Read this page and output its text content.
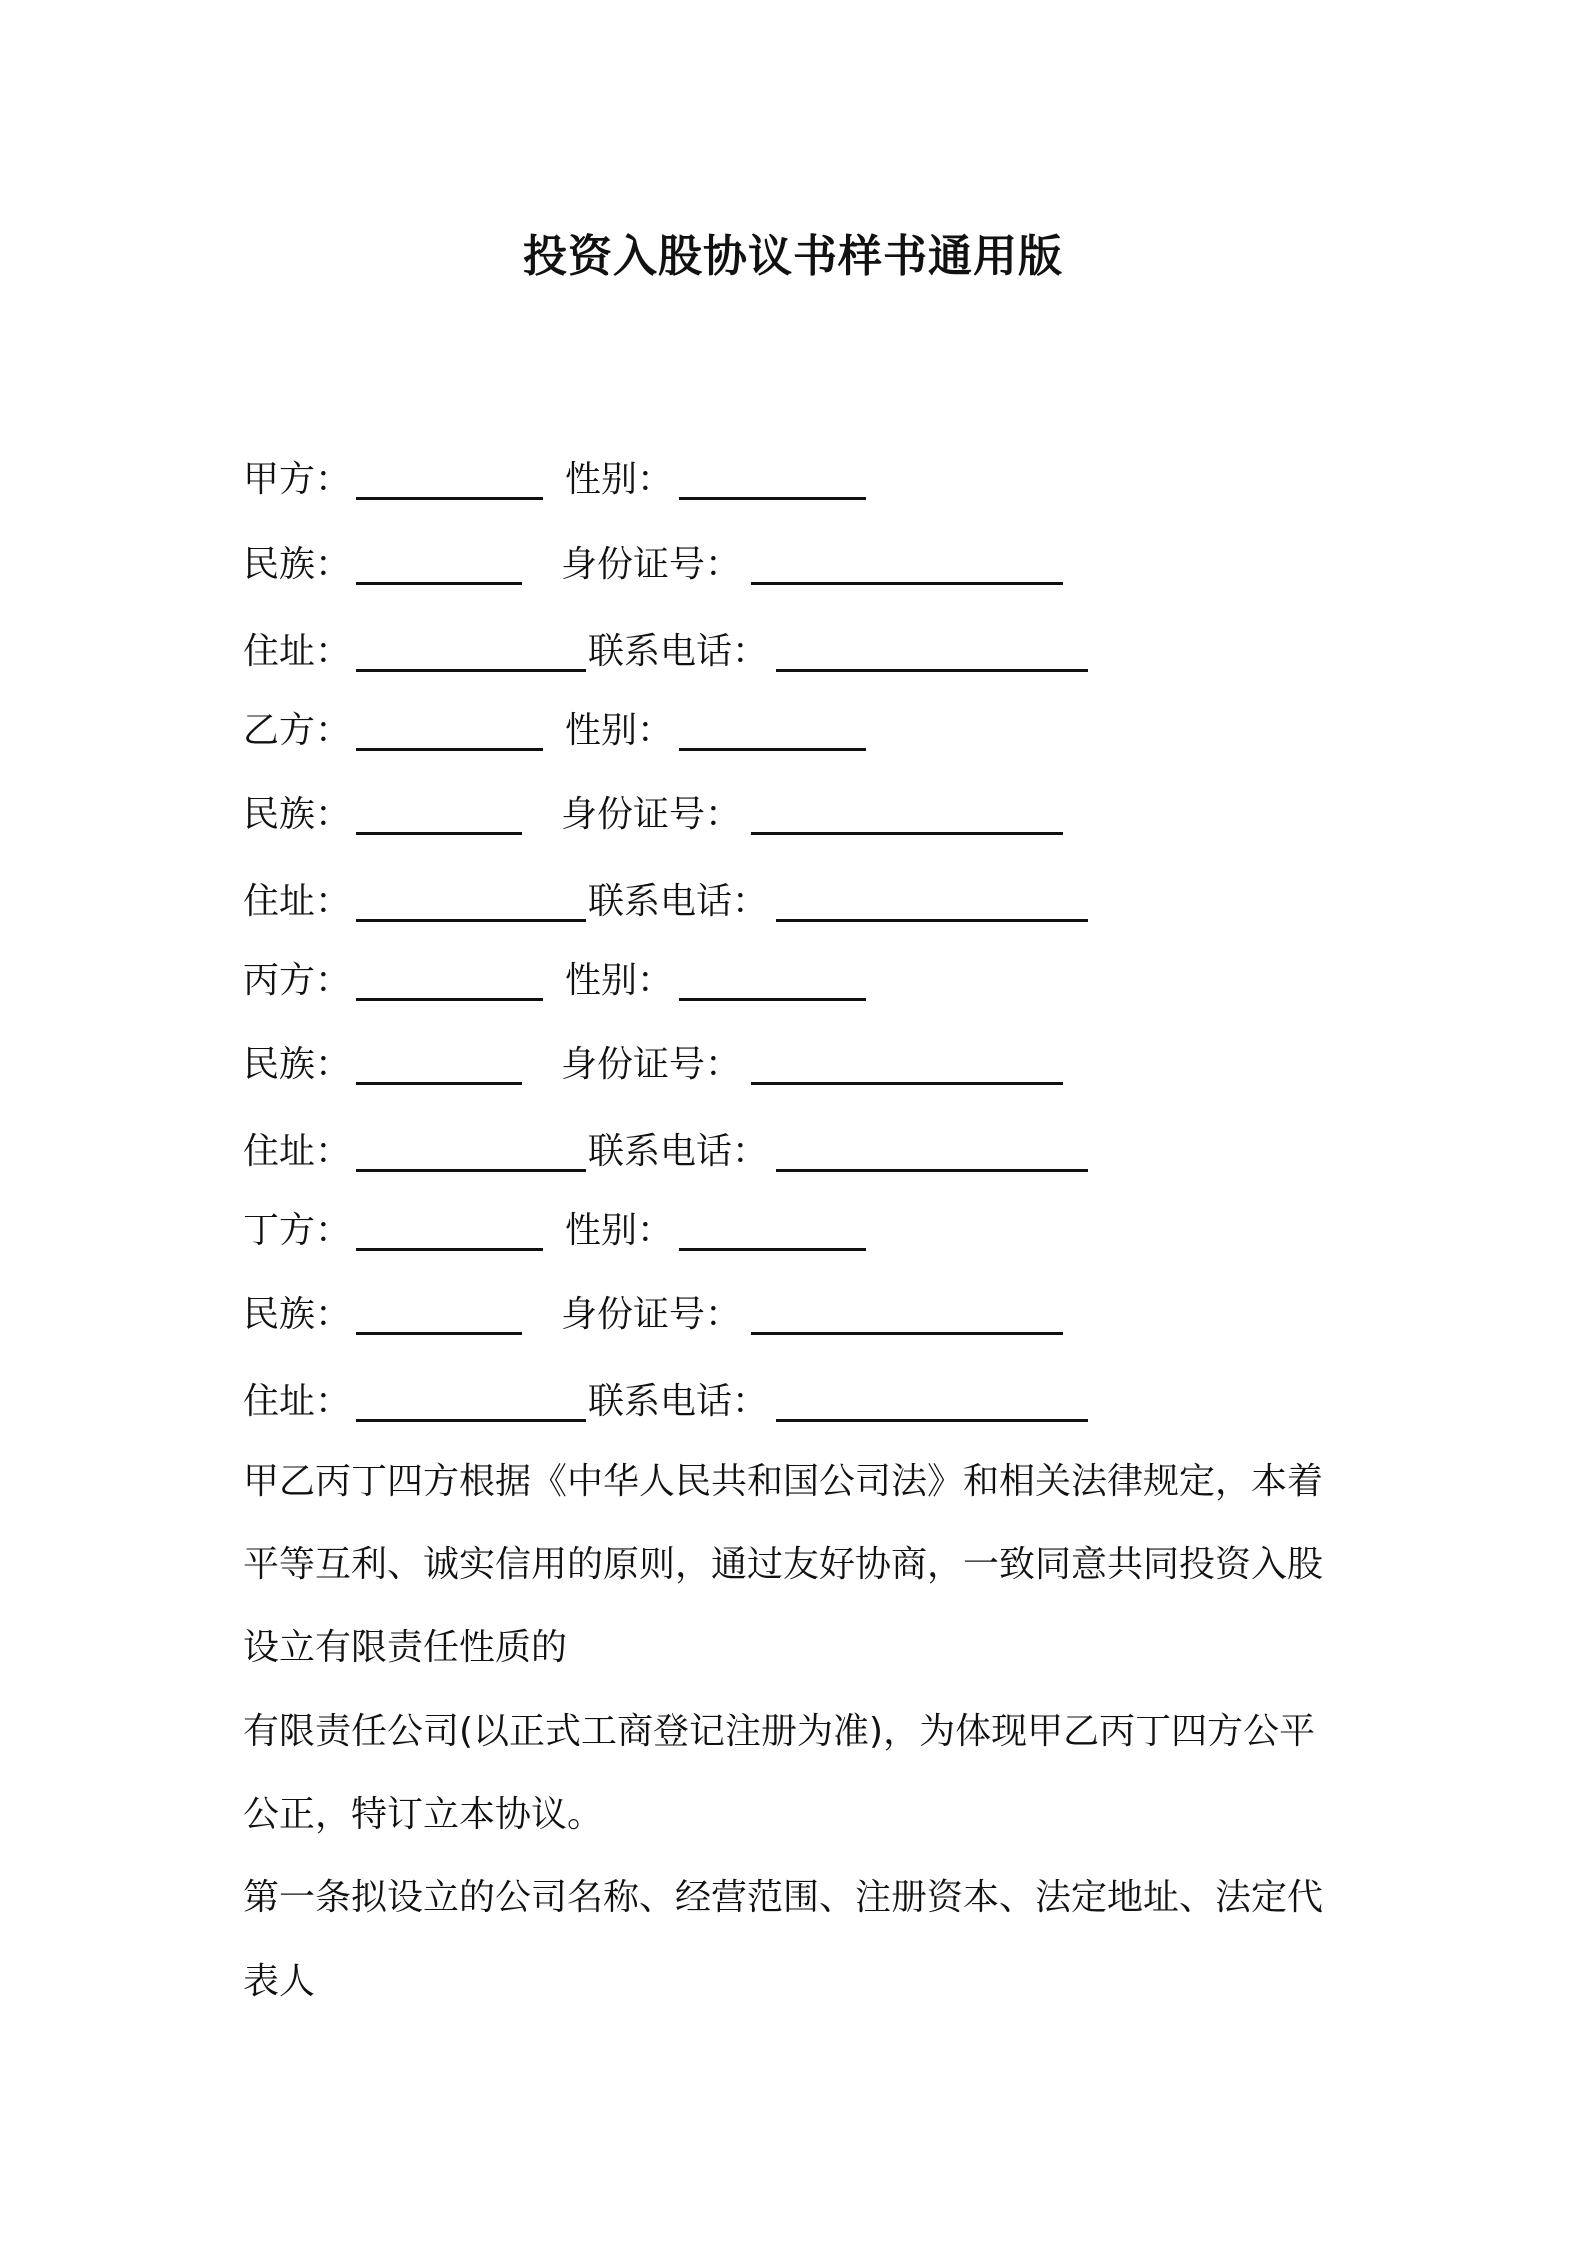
投资入股协议书样书通用版
甲方：	性别：
民族：	身份证号：
住址：	联系电话：
乙方：	性别：
民族：	身份证号：
住址：	联系电话：
丙方：	性别：
民族：	身份证号：
住址：	联系电话：
丁方：	性别：
民族：	身份证号：
住址：	联系电话：
甲乙丙丁四方根据《中华人民共和国公司法》和相关法律规定，本着
平等互利、诚实信用的原则，通过友好协商，一致同意共同投资入股
设立有限责任性质的
有限责任公司(以正式工商登记注册为准)，为体现甲乙丙丁四方公平
公正，特订立本协议。
第一条拟设立的公司名称、经营范围、注册资本、法定地址、法定代
表人
